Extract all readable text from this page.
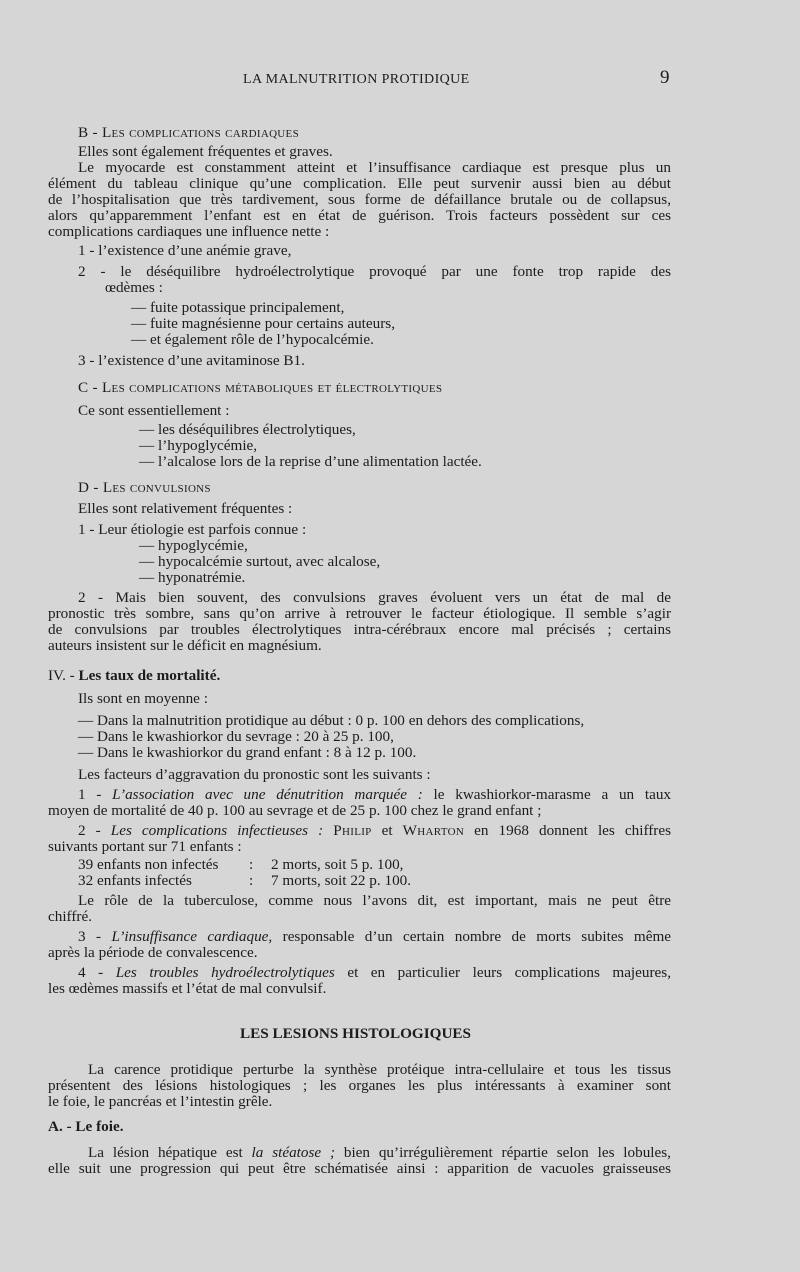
LA MALNUTRITION PROTIDIQUE	9
B - Les complications cardiaques
Elles sont également fréquentes et graves.
Le myocarde est constamment atteint et l’insuffisance cardiaque est presque plus un
élément du tableau clinique qu’une complication. Elle peut survenir aussi bien au début
de l’hospitalisation que très tardivement, sous forme de défaillance brutale ou de collapsus,
alors qu’apparemment l’enfant est en état de guérison. Trois facteurs possèdent sur ces
complications cardiaques une influence nette :
1 - l’existence d’une anémie grave,
2 - le déséquilibre hydroélectrolytique provoqué par une fonte trop rapide des
œdèmes :
— fuite potassique principalement,
— fuite magnésienne pour certains auteurs,
— et également rôle de l’hypocalcémie.
3 - l’existence d’une avitaminose B1.
C - Les complications métaboliques et électrolytiques
Ce sont essentiellement :
— les déséquilibres électrolytiques,
— l’hypoglycémie,
— l’alcalose lors de la reprise d’une alimentation lactée.
D - Les convulsions
Elles sont relativement fréquentes :
1 - Leur étiologie est parfois connue :
— hypoglycémie,
— hypocalcémie surtout, avec alcalose,
— hyponatrémie.
2 - Mais bien souvent, des convulsions graves évoluent vers un état de mal de
pronostic très sombre, sans qu’on arrive à retrouver le facteur étiologique. Il semble s’agir
de convulsions par troubles électrolytiques intra-cérébraux encore mal précisés ; certains
auteurs insistent sur le déficit en magnésium.
IV. - Les taux de mortalité.
Ils sont en moyenne :
— Dans la malnutrition protidique au début : 0 p. 100 en dehors des complications,
— Dans le kwashiorkor du sevrage : 20 à 25 p. 100,
— Dans le kwashiorkor du grand enfant : 8 à 12 p. 100.
Les facteurs d’aggravation du pronostic sont les suivants :
1 - L’association avec une dénutrition marquée : le kwashiorkor-marasme a un taux
moyen de mortalité de 40 p. 100 au sevrage et de 25 p. 100 chez le grand enfant ;
2 - Les complications infectieuses : Philip et Wharton en 1968 donnent les chiffres
suivants portant sur 71 enfants :
39 enfants non infectés : 2 morts, soit 5 p. 100,
32 enfants infectés	: 7 morts, soit 22 p. 100.
Le rôle de la tuberculose, comme nous l’avons dit, est important, mais ne peut être
chiffré.
3 - L’insuffisance cardiaque, responsable d’un certain nombre de morts subites même
après la période de convalescence.
4 - Les troubles hydroélectrolytiques et en particulier leurs complications majeures,
les œdèmes massifs et l’état de mal convulsif.
LES LESIONS HISTOLOGIQUES
La carence protidique perturbe la synthèse protéique intra-cellulaire et tous les tissus
présentent des lésions histologiques ; les organes les plus intéressants à examiner sont
le foie, le pancréas et l’intestin grêle.
A. - Le foie.
La lésion hépatique est la stéatose ; bien qu’irrégulièrement répartie selon les lobules,
elle suit une progression qui peut être schématisée ainsi : apparition de vacuoles graisseuses
